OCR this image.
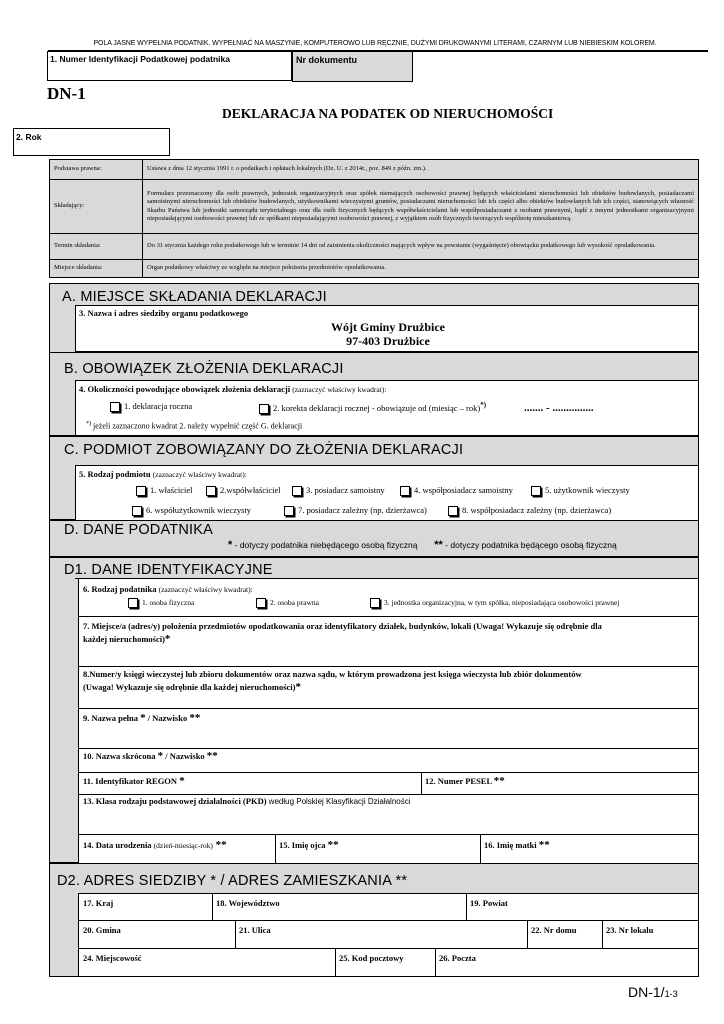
POLA JASNE WYPEŁNIA PODATNIK. WYPEŁNIAĆ NA MASZYNIE, KOMPUTEROWO LUB RĘCZNIE, DUŻYMI DRUKOWANYMI LITERAMI, CZARNYM LUB NIEBIESKIM KOLOREM.
1. Numer Identyfikacji Podatkowej podatnika	Nr dokumentu
DN-1
DEKLARACJA NA PODATEK OD NIERUCHOMOŚCI
2. Rok
Podstawa prawna:	Ustawa z dnia 12 stycznia 1991 r. o podatkach i opłatach lokalnych (Dz. U. z 2014r., poz. 849 z późn. zm.).
Składający:	Formularz przeznaczony dla osób prawnych, jednostek organizacyjnych oraz spółek niemających osobowości prawnej będących właścicielami nieruchomości lub obiektów budowlanych, posiadaczami samoistnymi nieruchomości lub obiektów budowlanych, użytkownikami wieczystymi gruntów, posiadaczami nieruchomości lub ich części albo obiektów budowlanych lub ich części, stanowiących własność Skarbu Państwa lub jednostki samorządu terytorialnego oraz dla osób fizycznych będących współwłaścicielami lub współposiadaczami z osobami prawnymi, bądź z innymi jednostkami organizacyjnymi nieposiadającymi osobowości prawnej lub ze spółkami nieposiadającymi osobowości prawnej, z wyjątkiem osób fizycznych tworzących wspólnotę mieszkaniową.
Termin składania:	Do 31 stycznia każdego roku podatkowego lub w terminie 14 dni od zaistnienia okoliczności mających wpływ na powstanie (wygaśnięcie) obowiązku podatkowego lub wysokość opodatkowania.
Miejsce składania:	Organ podatkowy właściwy ze względu na miejsce położenia przedmiotów opodatkowania.
A. MIEJSCE SKŁADANIA DEKLARACJI
3. Nazwa i adres siedziby organu podatkowego
Wójt Gminy Drużbice
97-403 Drużbice
B. OBOWIĄZEK ZŁOŻENIA DEKLARACJI
4. Okoliczności powodujące obowiązek złożenia deklaracji (zaznaczyć właściwy kwadrat):
1. deklaracja roczna	2. korekta deklaracji rocznej - obowiązuje od (miesiąc – rok)*)	....... - ...............
*) jeżeli zaznaczono kwadrat 2. należy wypełnić część G. deklaracji
C. PODMIOT ZOBOWIĄZANY DO ZŁOŻENIA DEKLARACJI
5. Rodzaj podmiotu (zaznaczyć właściwy kwadrat):
1. właściciel	2.współwłaściciel	3. posiadacz samoistny	4. współposiadacz samoistny	5. użytkownik wieczysty
6. współużytkownik wieczysty	7. posiadacz zależny (np. dzierżawca)	8. współposiadacz zależny (np. dzierżawca)
D. DANE PODATNIKA
* - dotyczy podatnika niebędącego osobą fizyczną ** - dotyczy podatnika będącego osobą fizyczną
D1. DANE IDENTYFIKACYJNE
6. Rodzaj podatnika (zaznaczyć właściwy kwadrat):
1. osoba fizyczna	2. osoba prawna	3. jednostka organizacyjna, w tym spółka, nieposiadająca osobowości prawnej
7. Miejsce/a (adres/y) położenia przedmiotów opodatkowania oraz identyfikatory działek, budynków, lokali (Uwaga! Wykazuje się odrębnie dla
każdej nieruchomości)*
8.Numer/y księgi wieczystej lub zbioru dokumentów oraz nazwa sądu, w którym prowadzona jest księga wieczysta lub zbiór dokumentów
(Uwaga! Wykazuje się odrębnie dla każdej nieruchomości)*
9. Nazwa pełna * / Nazwisko **
10. Nazwa skrócona * / Nazwisko **
11. Identyfikator REGON *	12. Numer PESEL **
13. Klasa rodzaju podstawowej działalności (PKD) według Polskiej Klasyfikacji Działalności
14. Data urodzenia (dzień-miesiąc-rok) **	15. Imię ojca **	16. Imię matki **
D2. ADRES SIEDZIBY * / ADRES ZAMIESZKANIA **
17. Kraj	18. Województwo	19. Powiat
20. Gmina	21. Ulica	22. Nr domu	23. Nr lokalu
24. Miejscowość	25. Kod pocztowy	26. Poczta
DN-1/1-3
